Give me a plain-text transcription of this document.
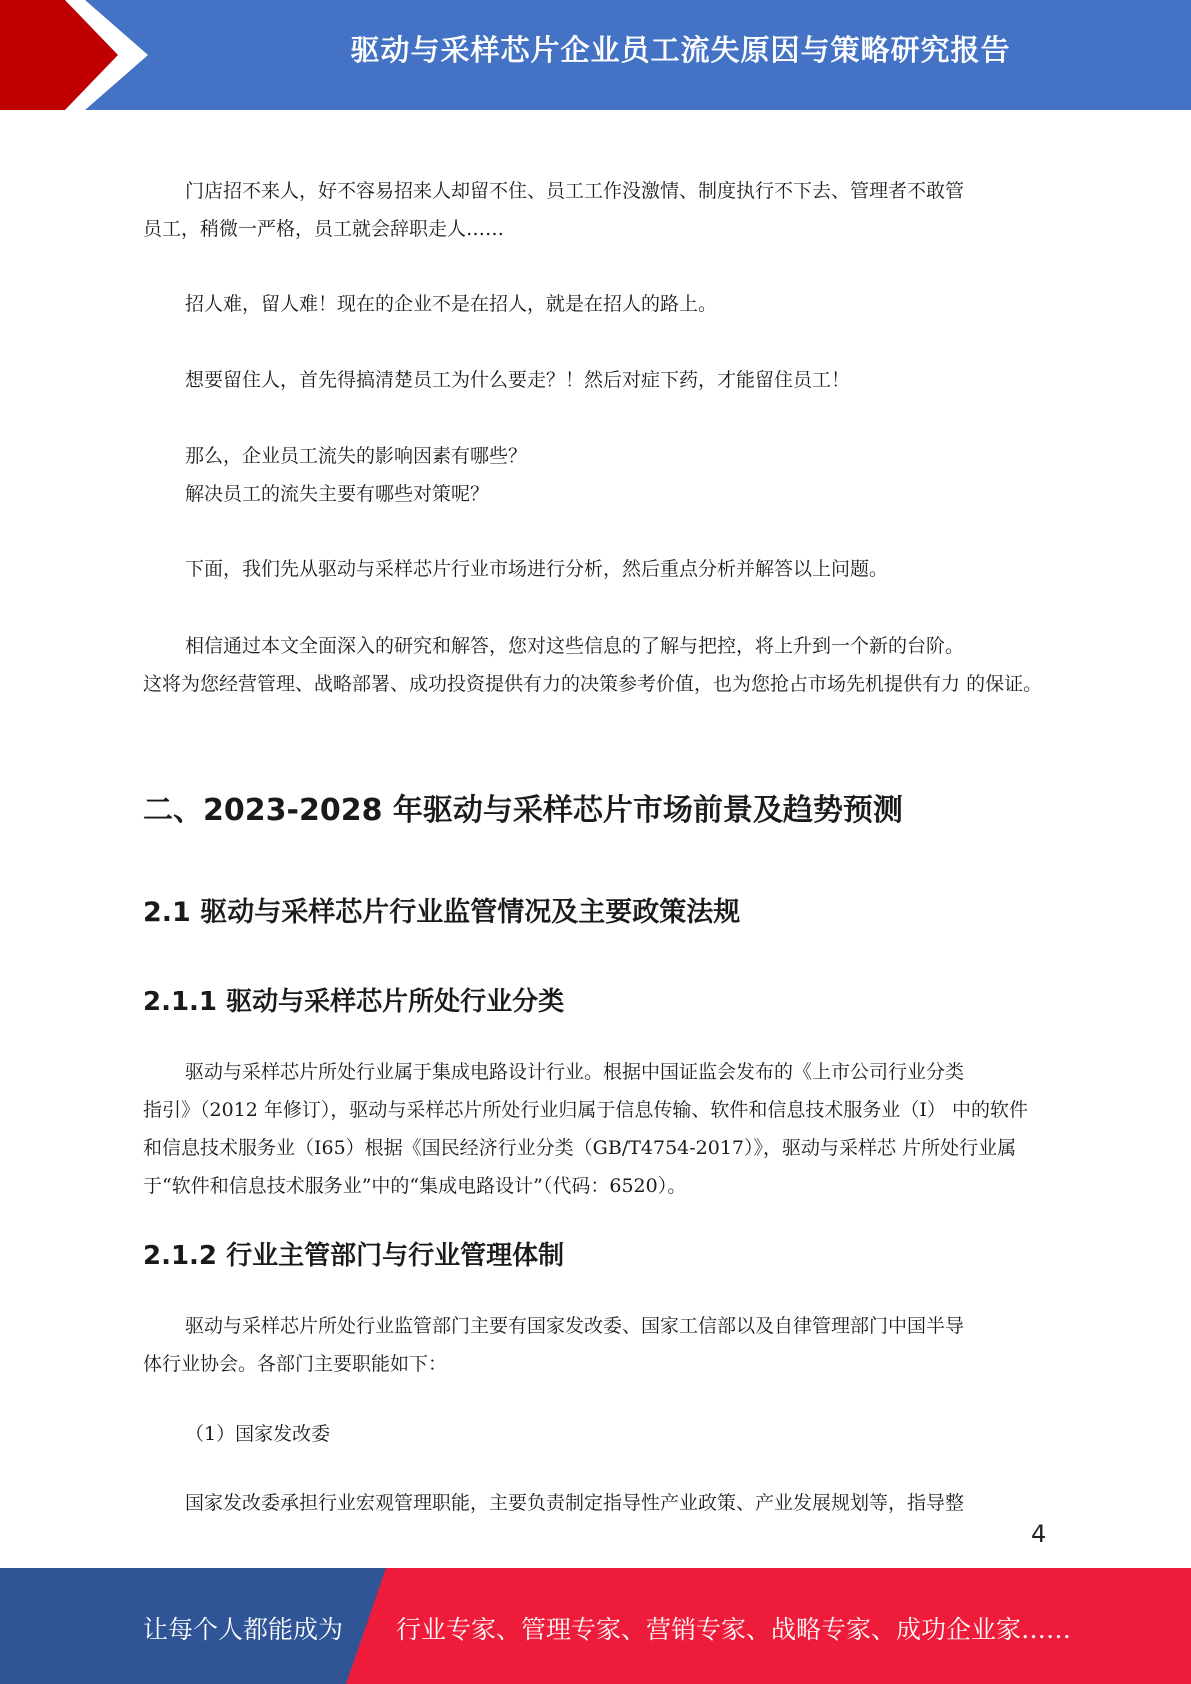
驱动与采样芯片企业员工流失原因与策略研究报告
门店招不来人，好不容易招来人却留不住、员工工作没激情、制度执行不下去、管理者不敢管
员工，稍微一严格，员工就会辞职走人……
招人难，留人难！现在的企业不是在招人，就是在招人的路上。
想要留住人，首先得搞清楚员工为什么要走？！然后对症下药，才能留住员工！
那么，企业员工流失的影响因素有哪些？
解决员工的流失主要有哪些对策呢？
下面，我们先从驱动与采样芯片行业市场进行分析，然后重点分析并解答以上问题。
相信通过本文全面深入的研究和解答，您对这些信息的了解与把控，将上升到一个新的台阶。
这将为您经营管理、战略部署、成功投资提供有力的决策参考价值，也为您抢占市场先机提供有力 的保证。
二、2023-2028 年驱动与采样芯片市场前景及趋势预测
2.1 驱动与采样芯片行业监管情况及主要政策法规
2.1.1 驱动与采样芯片所处行业分类
驱动与采样芯片所处行业属于集成电路设计行业。根据中国证监会发布的《上市公司行业分类
指引》（2012 年修订），驱动与采样芯片所处行业归属于信息传输、软件和信息技术服务业（I） 中的软件和信息技术服务业（I65）根据《国民经济行业分类（GB/T4754-2017）》，驱动与采样芯 片所处行业属于“软件和信息技术服务业”中的“集成电路设计”（代码：6520）。
2.1.2 行业主管部门与行业管理体制
驱动与采样芯片所处行业监管部门主要有国家发改委、国家工信部以及自律管理部门中国半导
体行业协会。各部门主要职能如下：
（1）国家发改委
国家发改委承担行业宏观管理职能，主要负责制定指导性产业政策、产业发展规划等，指导整
4
让每个人都能成为 行业专家、管理专家、营销专家、战略专家、成功企业家……
